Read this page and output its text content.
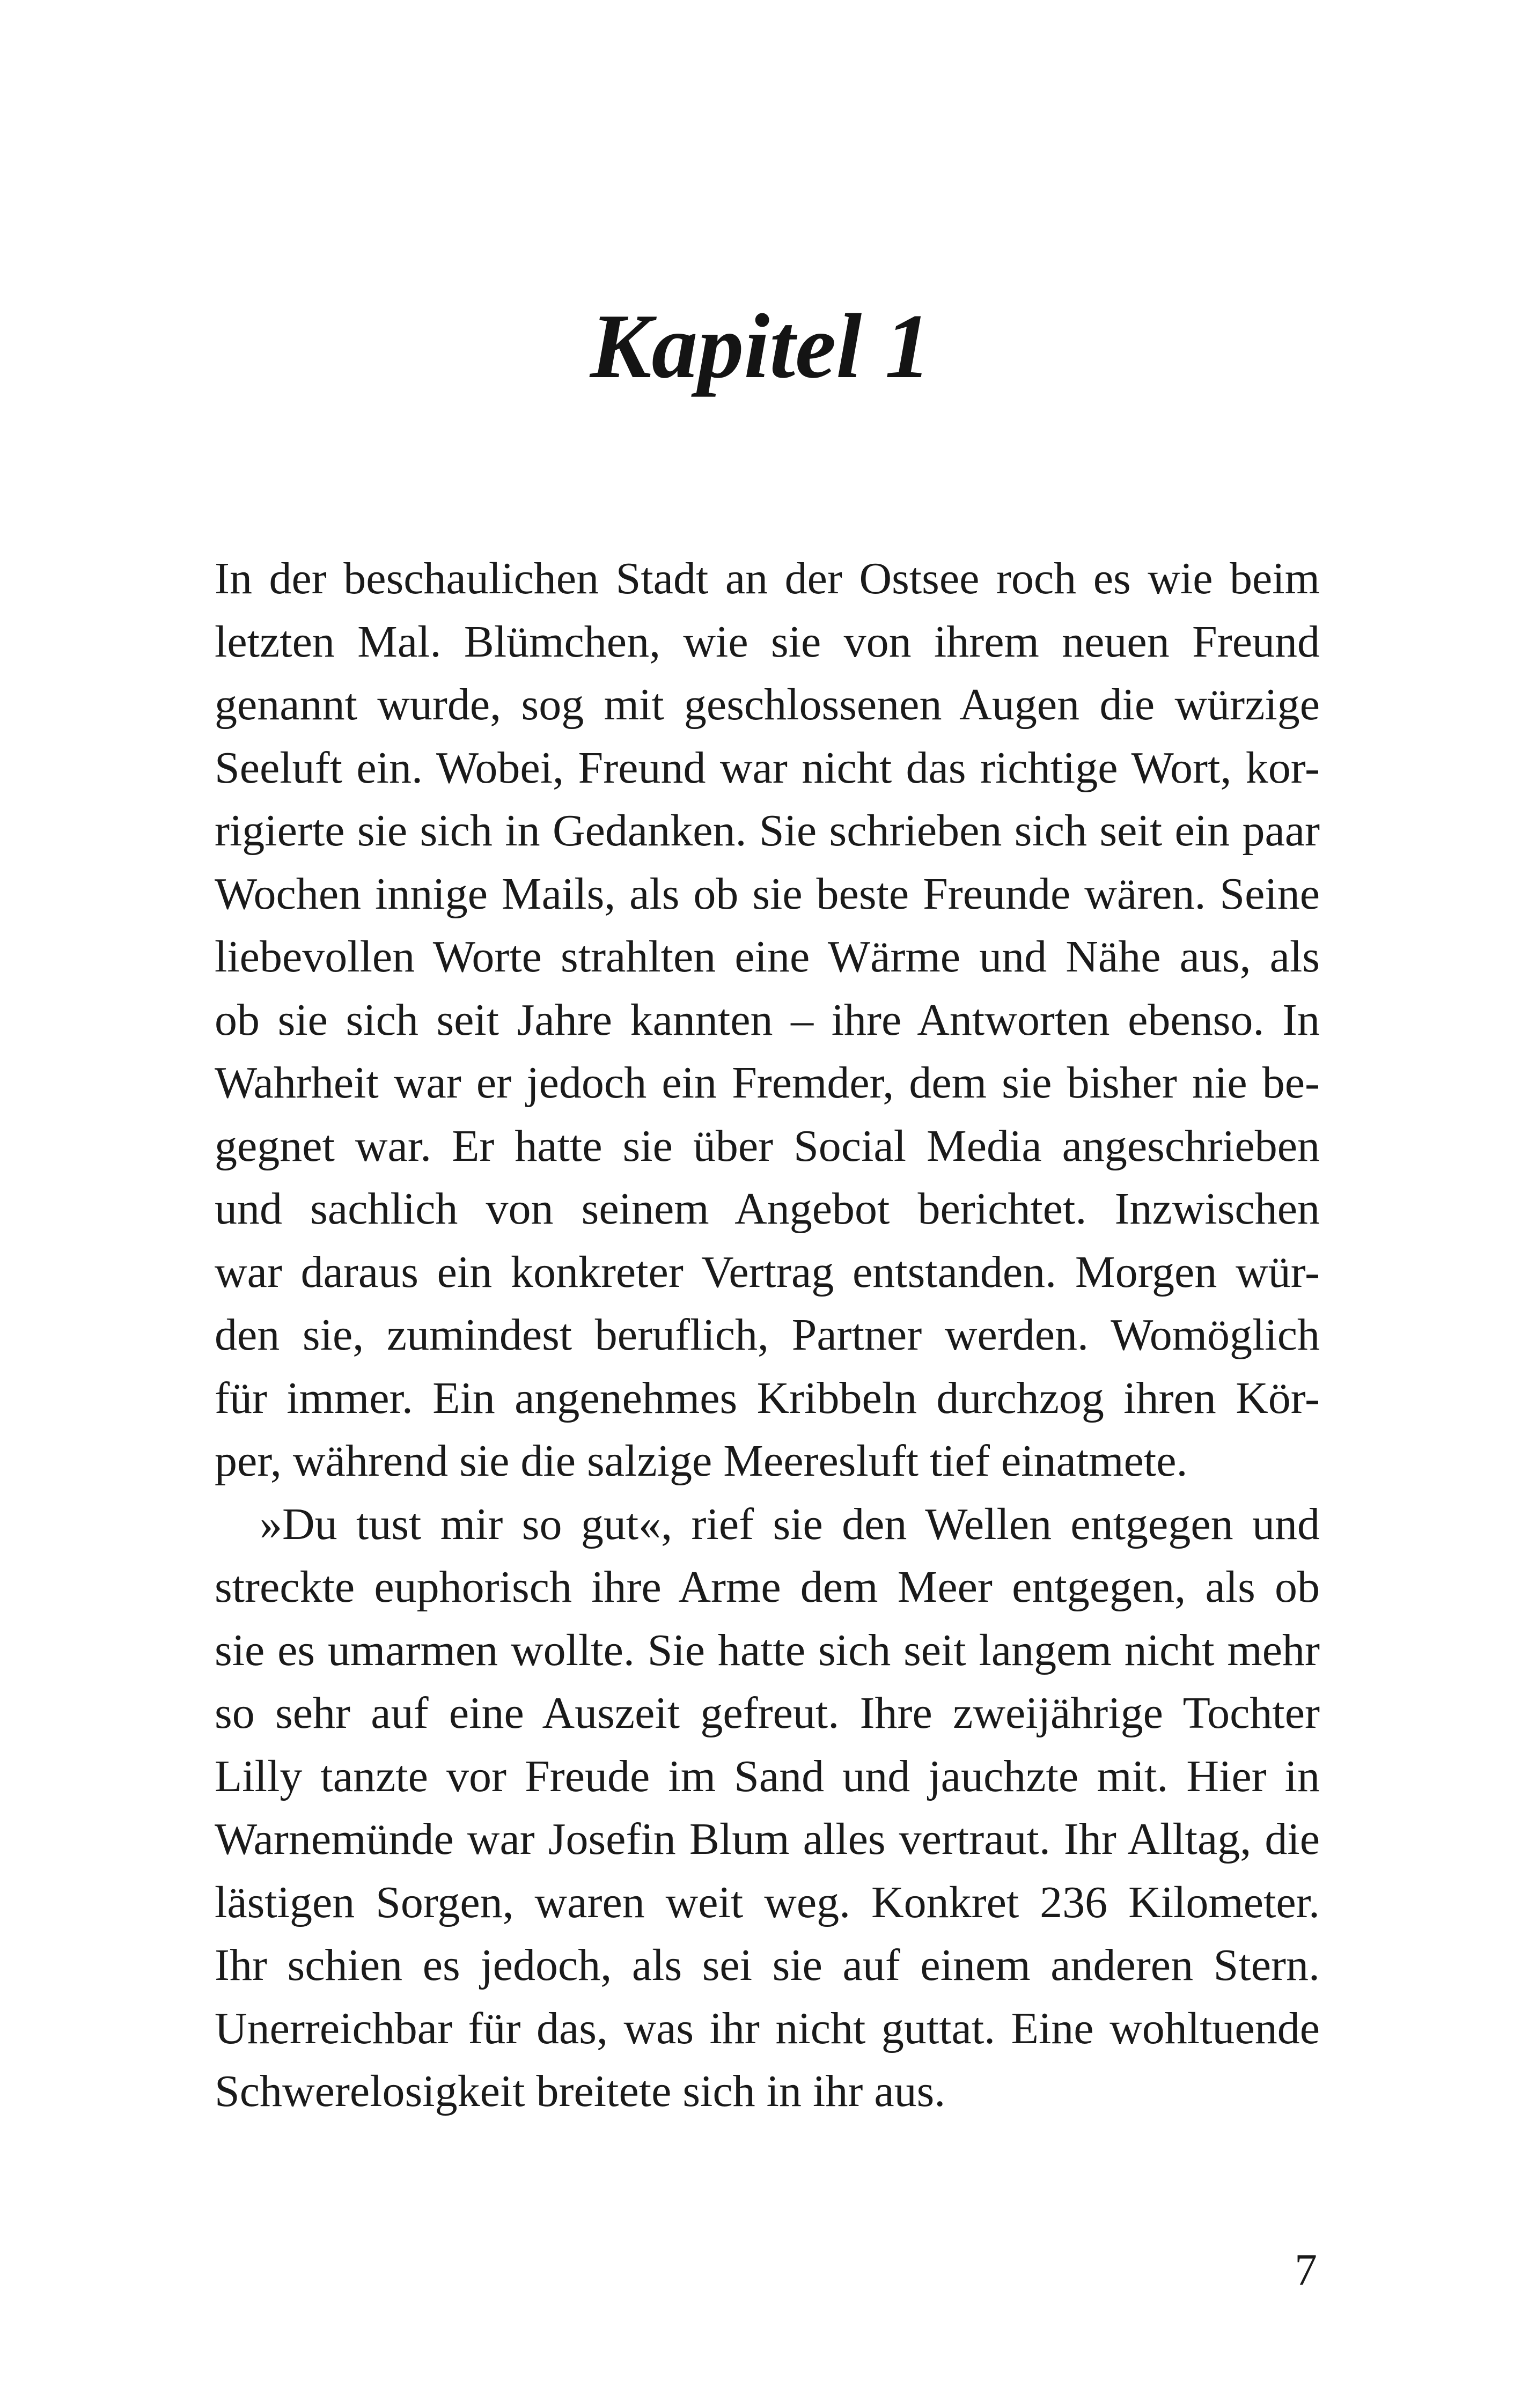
Kapitel 1
In der beschaulichen Stadt an der Ostsee roch es wie beim
letzten Mal. Blümchen, wie sie von ihrem neuen Freund
genannt wurde, sog mit geschlossenen Augen die würzige
Seeluft ein. Wobei, Freund war nicht das richtige Wort, kor-
rigierte sie sich in Gedanken. Sie schrieben sich seit ein paar
Wochen innige Mails, als ob sie beste Freunde wären. Seine
liebevollen Worte strahlten eine Wärme und Nähe aus, als
ob sie sich seit Jahre kannten – ihre Antworten ebenso. In
Wahrheit war er jedoch ein Fremder, dem sie bisher nie be-
gegnet war. Er hatte sie über Social Media angeschrieben
und sachlich von seinem Angebot berichtet. Inzwischen
war daraus ein konkreter Vertrag entstanden. Morgen wür-
den sie, zumindest beruflich, Partner werden. Womöglich
für immer. Ein angenehmes Kribbeln durchzog ihren Kör-
per, während sie die salzige Meeresluft tief einatmete.
»Du tust mir so gut«, rief sie den Wellen entgegen und
streckte euphorisch ihre Arme dem Meer entgegen, als ob
sie es umarmen wollte. Sie hatte sich seit langem nicht mehr
so sehr auf eine Auszeit gefreut. Ihre zweijährige Tochter
Lilly tanzte vor Freude im Sand und jauchzte mit. Hier in
Warnemünde war Josefin Blum alles vertraut. Ihr Alltag, die
lästigen Sorgen, waren weit weg. Konkret 236 Kilometer.
Ihr schien es jedoch, als sei sie auf einem anderen Stern.
Unerreichbar für das, was ihr nicht guttat. Eine wohltuende
Schwerelosigkeit breitete sich in ihr aus.
7
